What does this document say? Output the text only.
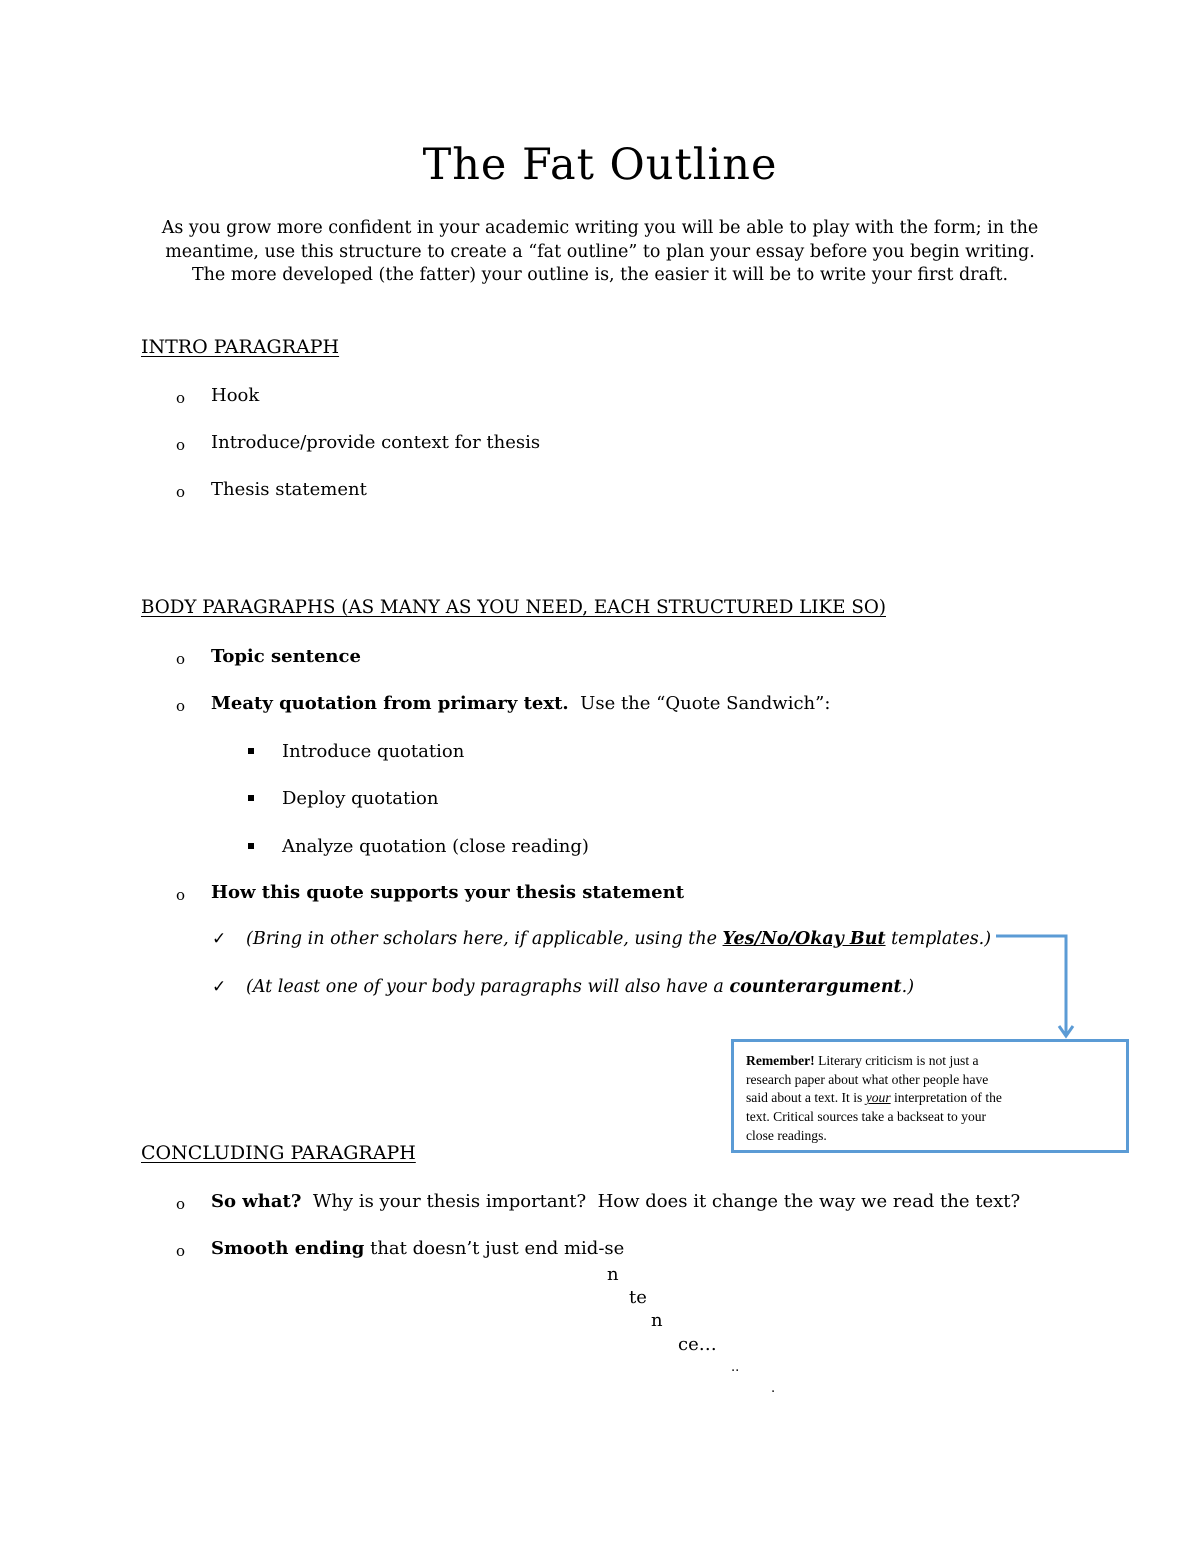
The Fat Outline
As you grow more confident in your academic writing you will be able to play with the form; in the
meantime, use this structure to create a “fat outline” to plan your essay before you begin writing.
The more developed (the fatter) your outline is, the easier it will be to write your first draft.
INTRO PARAGRAPH
o Hook
o Introduce/provide context for thesis
o Thesis statement
BODY PARAGRAPHS (AS MANY AS YOU NEED, EACH STRUCTURED LIKE SO)
o Topic sentence
o Meaty quotation from primary text. Use the “Quote Sandwich”:
Introduce quotation
Deploy quotation
Analyze quotation (close reading)
o How this quote supports your thesis statement
✓ (Bring in other scholars here, if applicable, using the Yes/No/Okay But templates.)
✓ (At least one of your body paragraphs will also have a counterargument.)
Remember! Literary criticism is not just a
research paper about what other people have
said about a text. It is your interpretation of the
text. Critical sources take a backseat to your
close readings.
CONCLUDING PARAGRAPH
o So what?  Why is your thesis important?  How does it change the way we read the text?
o Smooth ending that doesn’t just end mid-se
n
te
n
ce…
..
.
